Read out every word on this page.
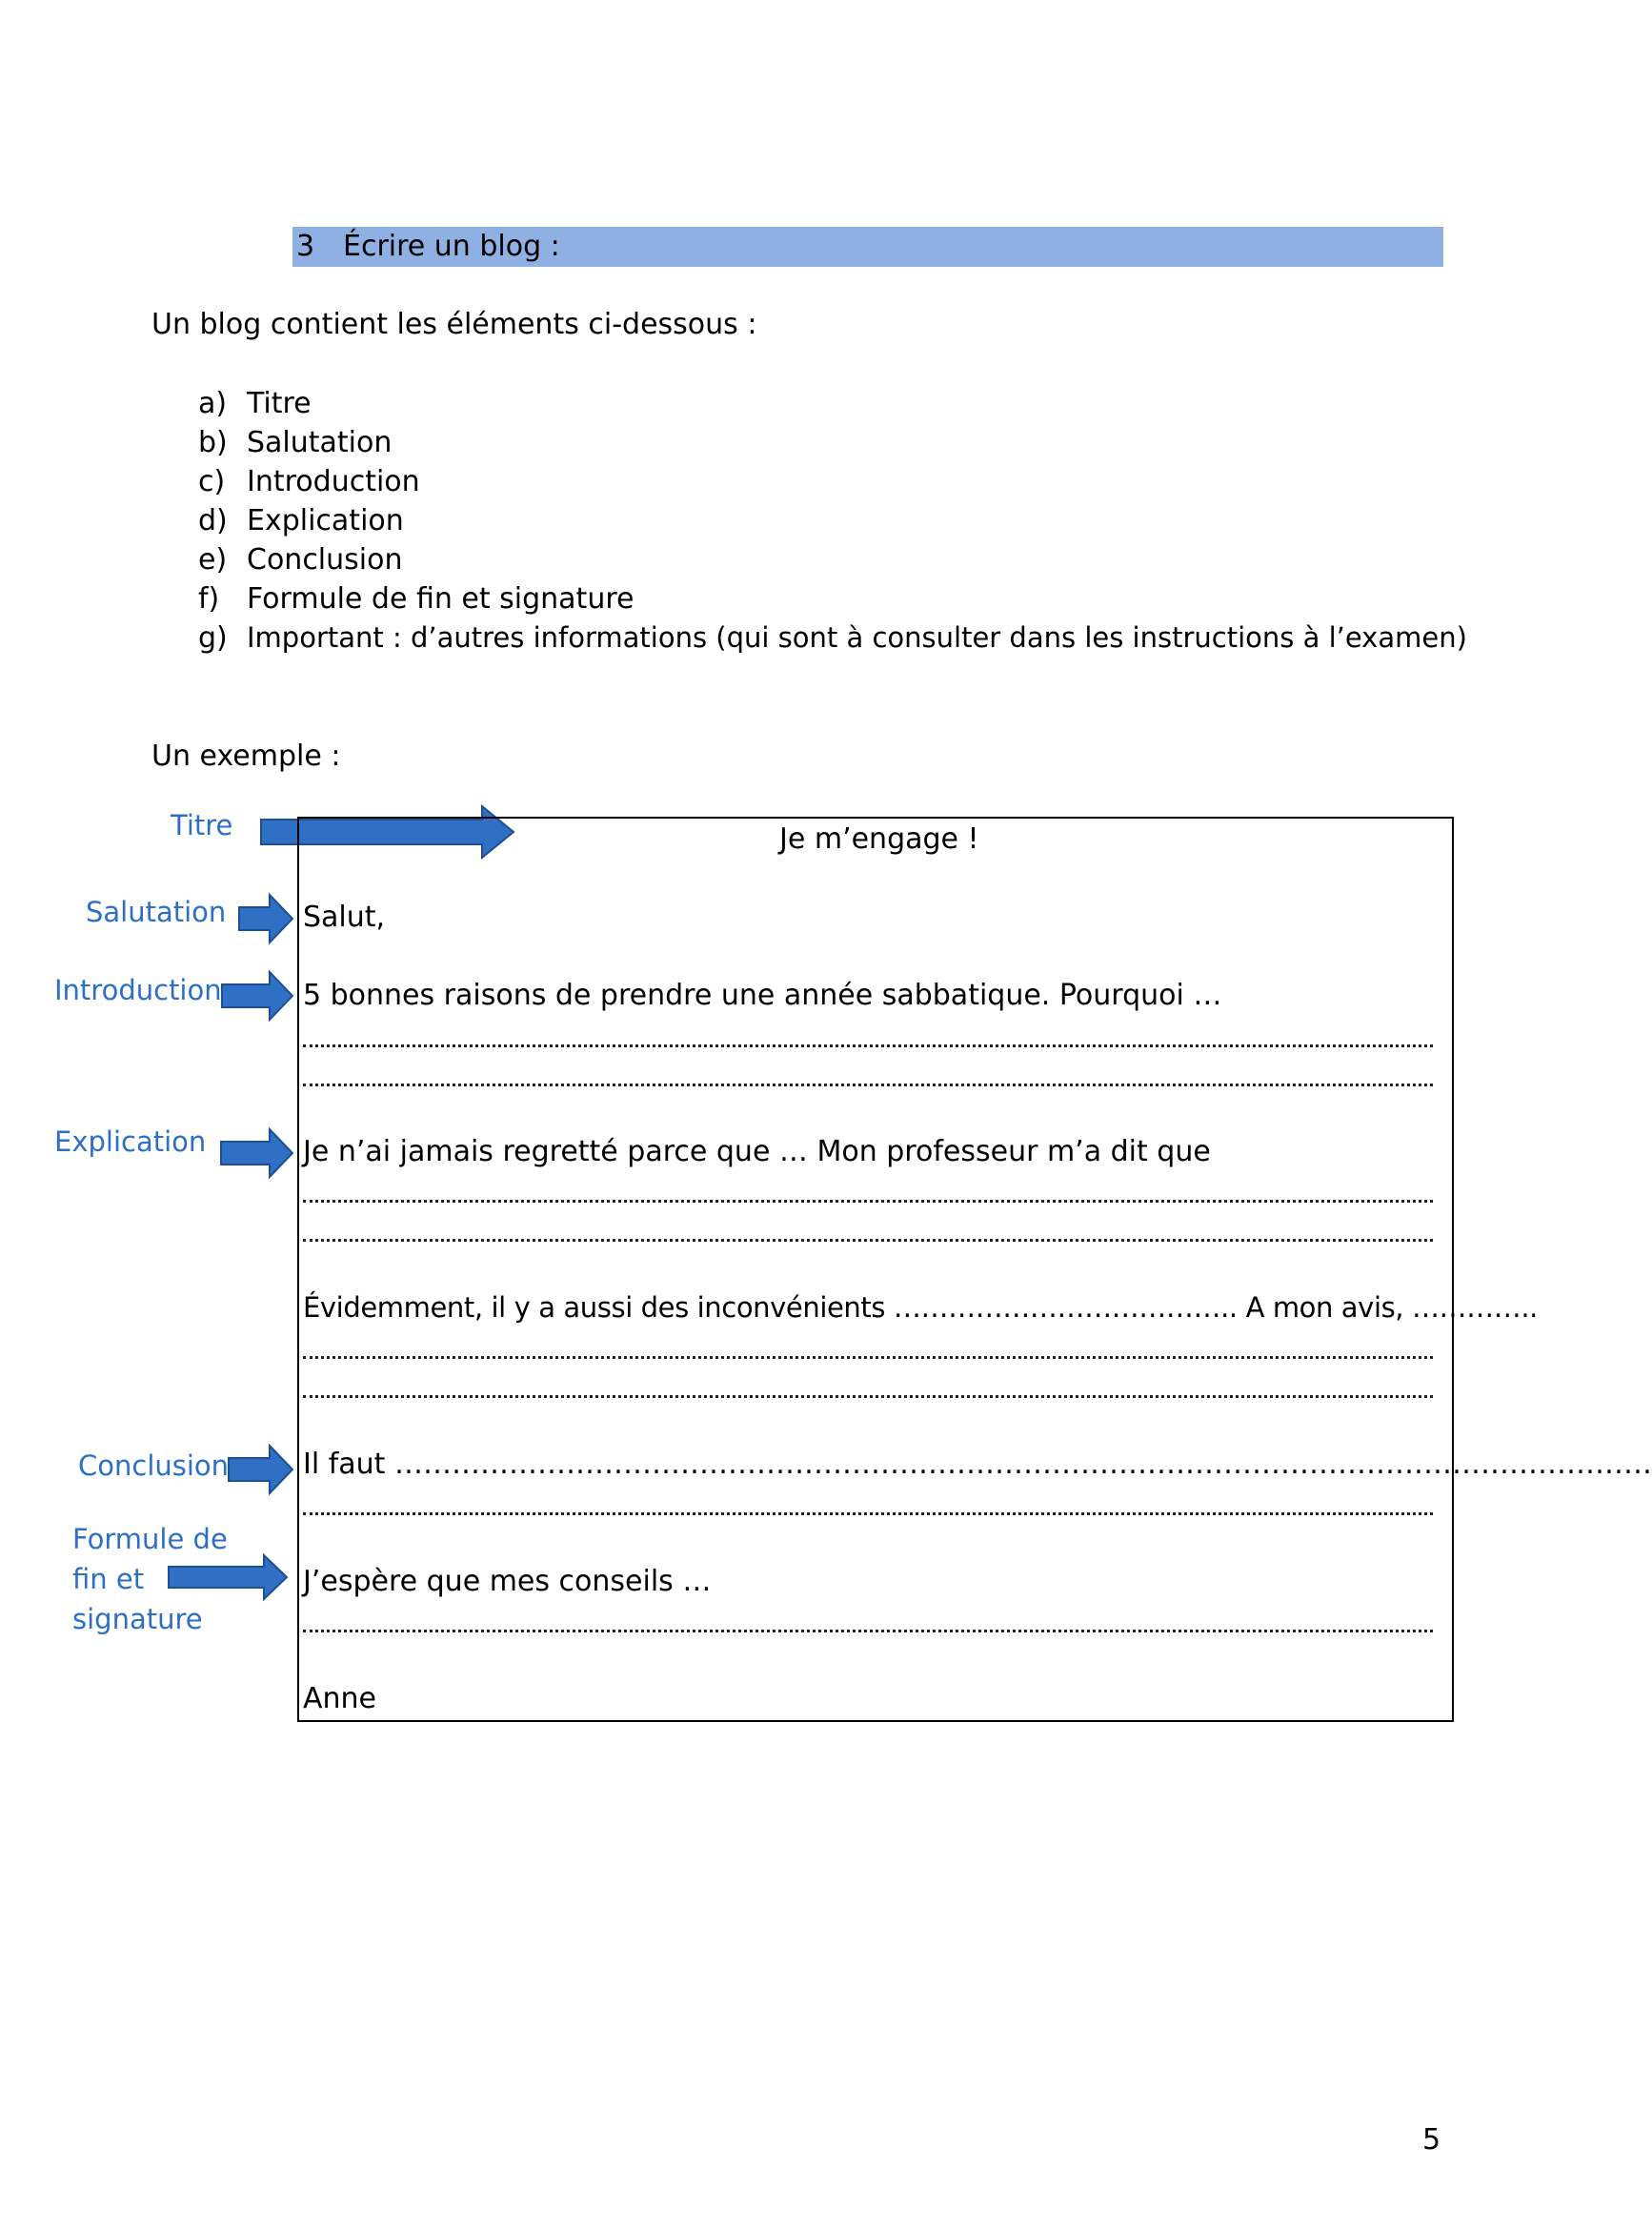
3 Écrire un blog :
Un blog contient les éléments ci-dessous :
a) Titre
b) Salutation
c) Introduction
d) Explication
e) Conclusion
f) Formule de fin et signature
g) Important : d’autres informations (qui sont à consulter dans les instructions à l’examen)
Un exemple :
Titre
Salutation
Introduction
Explication
Conclusion
Formule de
fin et
signature
Je m’engage !
Salut,
5 bonnes raisons de prendre une année sabbatique. Pourquoi …
Je n’ai jamais regretté parce que … Mon professeur m’a dit que
Évidemment, il y a aussi des inconvénients ……………………………….. A mon avis, …………..
Il faut ……………………………………………………………………………………………………………………
J’espère que mes conseils …
Anne
5
